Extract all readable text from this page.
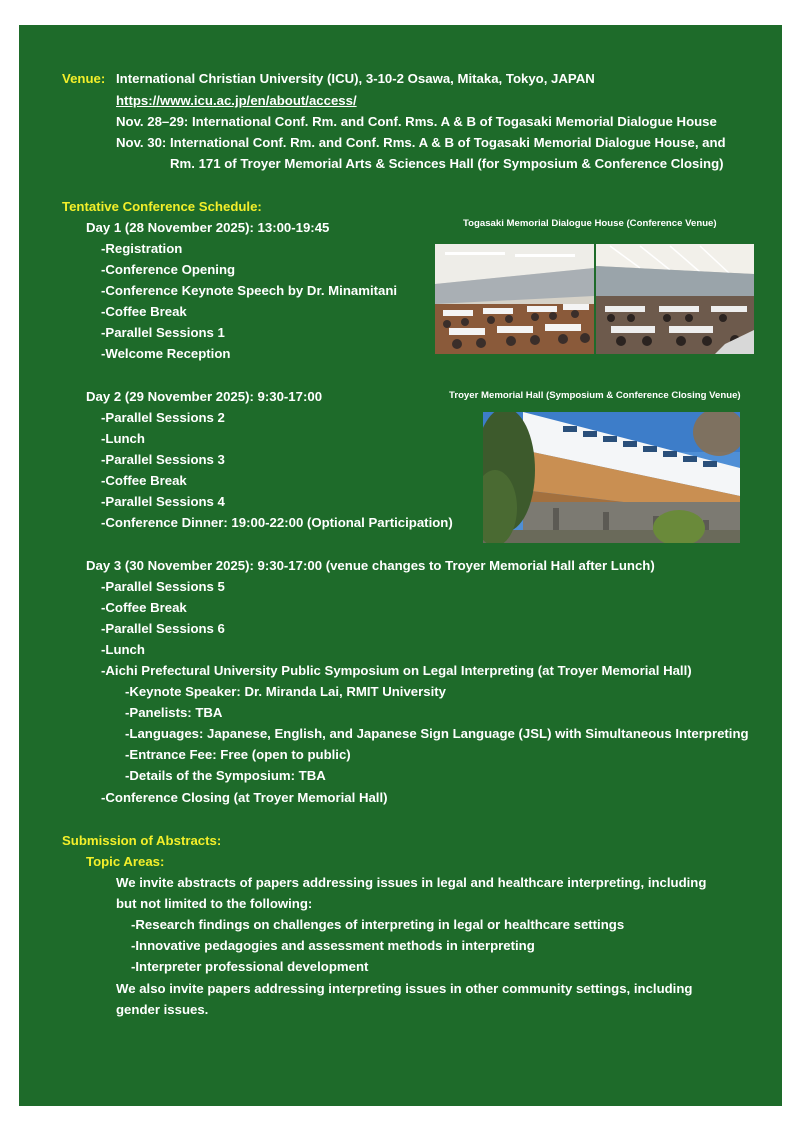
Venue: International Christian University (ICU), 3-10-2 Osawa, Mitaka, Tokyo, JAPAN
https://www.icu.ac.jp/en/about/access/
Nov. 28–29: International Conf. Rm. and Conf. Rms. A & B of Togasaki Memorial Dialogue House
Nov. 30: International Conf. Rm. and Conf. Rms. A & B of Togasaki Memorial Dialogue House, and
Rm. 171 of Troyer Memorial Arts & Sciences Hall (for Symposium & Conference Closing)
Tentative Conference Schedule:
Day 1 (28 November 2025): 13:00-19:45
-Registration
-Conference Opening
-Conference Keynote Speech by Dr. Minamitani
-Coffee Break
-Parallel Sessions 1
-Welcome Reception
Day 2 (29 November 2025): 9:30-17:00
-Parallel Sessions 2
-Lunch
-Parallel Sessions 3
-Coffee Break
-Parallel Sessions 4
-Conference Dinner: 19:00-22:00 (Optional Participation)
Day 3 (30 November 2025): 9:30-17:00 (venue changes to Troyer Memorial Hall after Lunch)
-Parallel Sessions 5
-Coffee Break
-Parallel Sessions 6
-Lunch
-Aichi Prefectural University Public Symposium on Legal Interpreting (at Troyer Memorial Hall)
-Keynote Speaker: Dr. Miranda Lai, RMIT University
-Panelists: TBA
-Languages: Japanese, English, and Japanese Sign Language (JSL) with Simultaneous Interpreting
-Entrance Fee: Free (open to public)
-Details of the Symposium: TBA
-Conference Closing (at Troyer Memorial Hall)
Togasaki Memorial Dialogue House (Conference Venue)
Troyer Memorial Hall (Symposium & Conference Closing Venue)
Submission of Abstracts:
Topic Areas:
We invite abstracts of papers addressing issues in legal and healthcare interpreting, including
but not limited to the following:
-Research findings on challenges of interpreting in legal or healthcare settings
-Innovative pedagogies and assessment methods in interpreting
-Interpreter professional development
We also invite papers addressing interpreting issues in other community settings, including
gender issues.
